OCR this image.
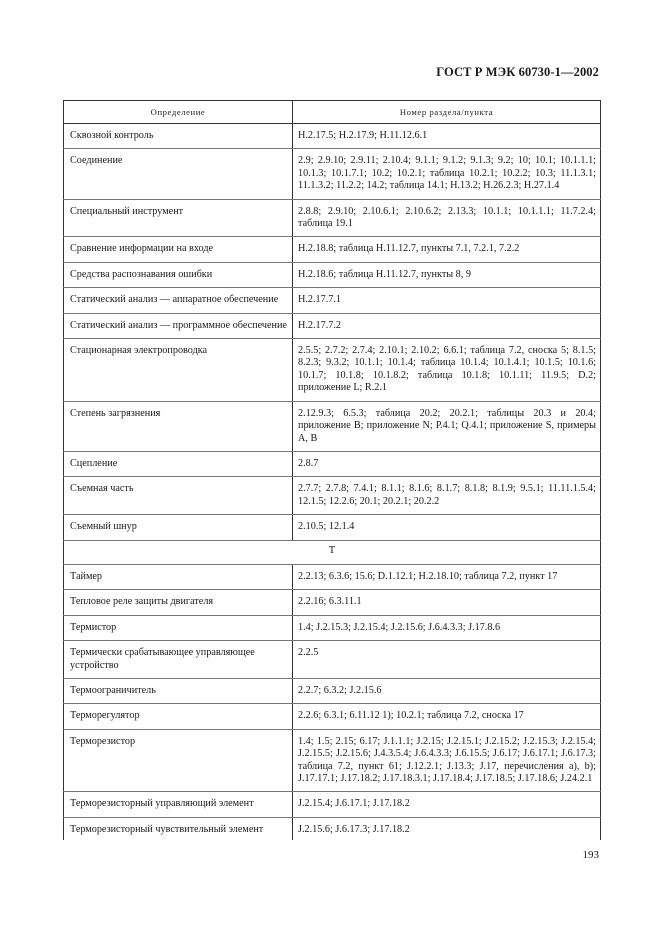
ГОСТ Р МЭК 60730-1—2002
Определение	Номер раздела/пункта
Сквозной контроль	Н.2.17.5; Н.2.17.9; Н.11.12.6.1
Соединение	2.9; 2.9.10; 2.9.11; 2.10.4; 9.1.1; 9.1.2; 9.1.3; 9.2; 10; 10.1; 10.1.1.1; 10.1.3; 10.1.7.1; 10.2; 10.2.1; таблица 10.2.1; 10.2.2; 10.3; 11.1.3.1; 11.1.3.2; 11.2.2; 14.2; таблица 14.1; Н.13.2; Н.26.2.3; Н.27.1.4
Специальный инструмент	2.8.8; 2.9.10; 2.10.6.1; 2.10.6.2; 2.13.3; 10.1.1; 10.1.1.1; 11.7.2.4; таблица 19.1
Сравнение информации на входе	Н.2.18.8; таблица Н.11.12.7, пункты 7.1, 7.2.1, 7.2.2
Средства распознавания ошибки	Н.2.18.6; таблица Н.11.12.7, пункты 8, 9
Статический анализ — аппаратное обеспечение	Н.2.17.7.1
Статический анализ — программное обеспечение	Н.2.17.7.2
Стационарная электропроводка	2.5.5; 2.7.2; 2.7.4; 2.10.1; 2.10.2; 6.6.1; таблица 7.2, сноска 5; 8.1.5; 8.2.3; 9.3.2; 10.1.1; 10.1.4; таблица 10.1.4; 10.1.4.1; 10.1.5; 10.1.6; 10.1.7; 10.1.8; 10.1.8.2; таблица 10.1.8; 10.1.11; 11.9.5; D.2; приложение L; R.2.1
Степень загрязнения	2.12.9.3; 6.5.3; таблица 20.2; 20.2.1; таблицы 20.3 и 20.4; приложение В; приложение N; Р.4.1; Q.4.1; приложение S, примеры А, В
Сцепление	2.8.7
Съемная часть	2.7.7; 2.7.8; 7.4.1; 8.1.1; 8.1.6; 8.1.7; 8.1.8; 8.1.9; 9.5.1; 11.11.1.5.4; 12.1.5; 12.2.6; 20.1; 20.2.1; 20.2.2
Съемный шнур	2.10.5; 12.1.4
Т	
Таймер	2.2.13; 6.3.6; 15.6; D.1.12.1; Н.2.18.10; таблица 7.2, пункт 17
Тепловое реле защиты двигателя	2.2.16; 6.3.11.1
Термистор	1.4; J.2.15.3; J.2.15.4; J.2.15.6; J.6.4.3.3; J.17.8.6
Термически срабатывающее управляющее устройство	2.2.5
Термоограничитель	2.2.7; 6.3.2; J.2.15.6
Терморегулятор	2.2.6; 6.3.1; 6.11.12 1); 10.2.1; таблица 7.2, сноска 17
Терморезистор	1.4; 1.5; 2.15; 6.17; J.1.1.1; J.2.15; J.2.15.1; J.2.15.2; J.2.15.3; J.2.15.4; J.2.15.5; J.2.15.6; J.4.3.5.4; J.6.4.3.3; J.6.15.5; J.6.17; J.6.17.1; J.6.17.3; таблица 7.2, пункт 61; J.12.2.1; J.13.3; J.17, перечисления а), b); J.17.17.1; J.17.18.2; J.17.18.3.1; J.17.18.4; J.17.18.5; J.17.18.6; J.24.2.1
Терморезисторный управляющий элемент	J.2.15.4; J.6.17.1; J.17.18.2
Терморезисторный чувствительный элемент	J.2.15.6; J.6.17.3; J.17.18.2
193
